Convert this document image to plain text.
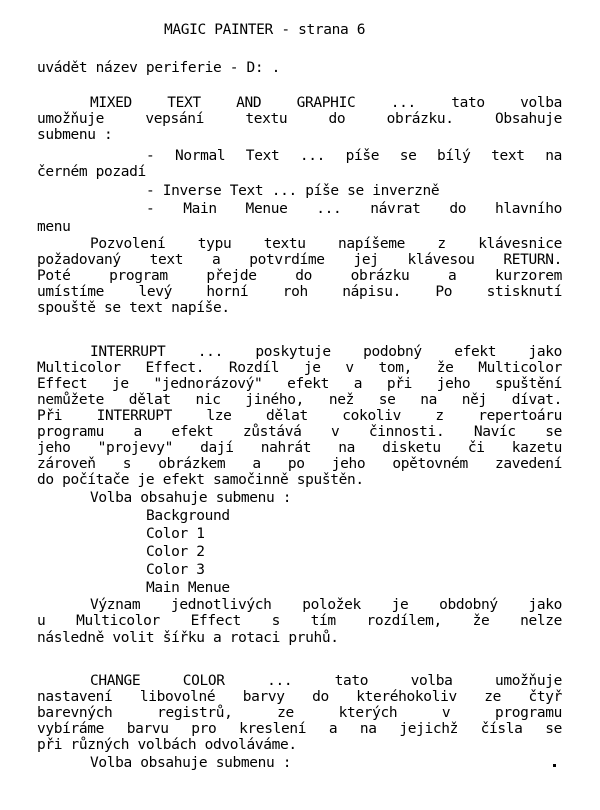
MAGIC PAINTER - strana 6
uvádět název periferie - D: .
MIXED TEXT AND GRAPHIC ... tato volba
umožňuje vepsání textu do obrázku. Obsahuje
submenu :
- Normal Text ... píše se bílý text na
černém pozadí
- Inverse Text ... píše se inverzně
- Main Menue ... návrat do hlavního
menu
Pozvolení typu textu napíšeme z klávesnice
požadovaný text a potvrdíme jej klávesou RETURN.
Poté program přejde do obrázku a kurzorem
umístíme levý horní roh nápisu. Po stisknutí
spouště se text napíše.
INTERRUPT ... poskytuje podobný efekt jako
Multicolor Effect. Rozdíl je v tom, že Multicolor
Effect je "jednorázový" efekt a při jeho spuštění
nemůžete dělat nic jiného, než se na něj dívat.
Při INTERRUPT lze dělat cokoliv z repertoáru
programu a efekt zůstává v činnosti. Navíc se
jeho "projevy" dají nahrát na disketu či kazetu
zároveň s obrázkem a po jeho opětovném zavedení
do počítače je efekt samočinně spuštěn.
Volba obsahuje submenu :
Background
Color 1
Color 2
Color 3
Main Menue
Význam jednotlivých položek je obdobný jako
u Multicolor Effect s tím rozdílem, že nelze
následně volit šířku a rotaci pruhů.
CHANGE COLOR ... tato volba umožňuje
nastavení libovolné barvy do kteréhokoliv ze čtyř
barevných registrů, ze kterých v programu
vybíráme barvu pro kreslení a na jejichž čísla se
při různých volbách odvoláváme.
Volba obsahuje submenu :
